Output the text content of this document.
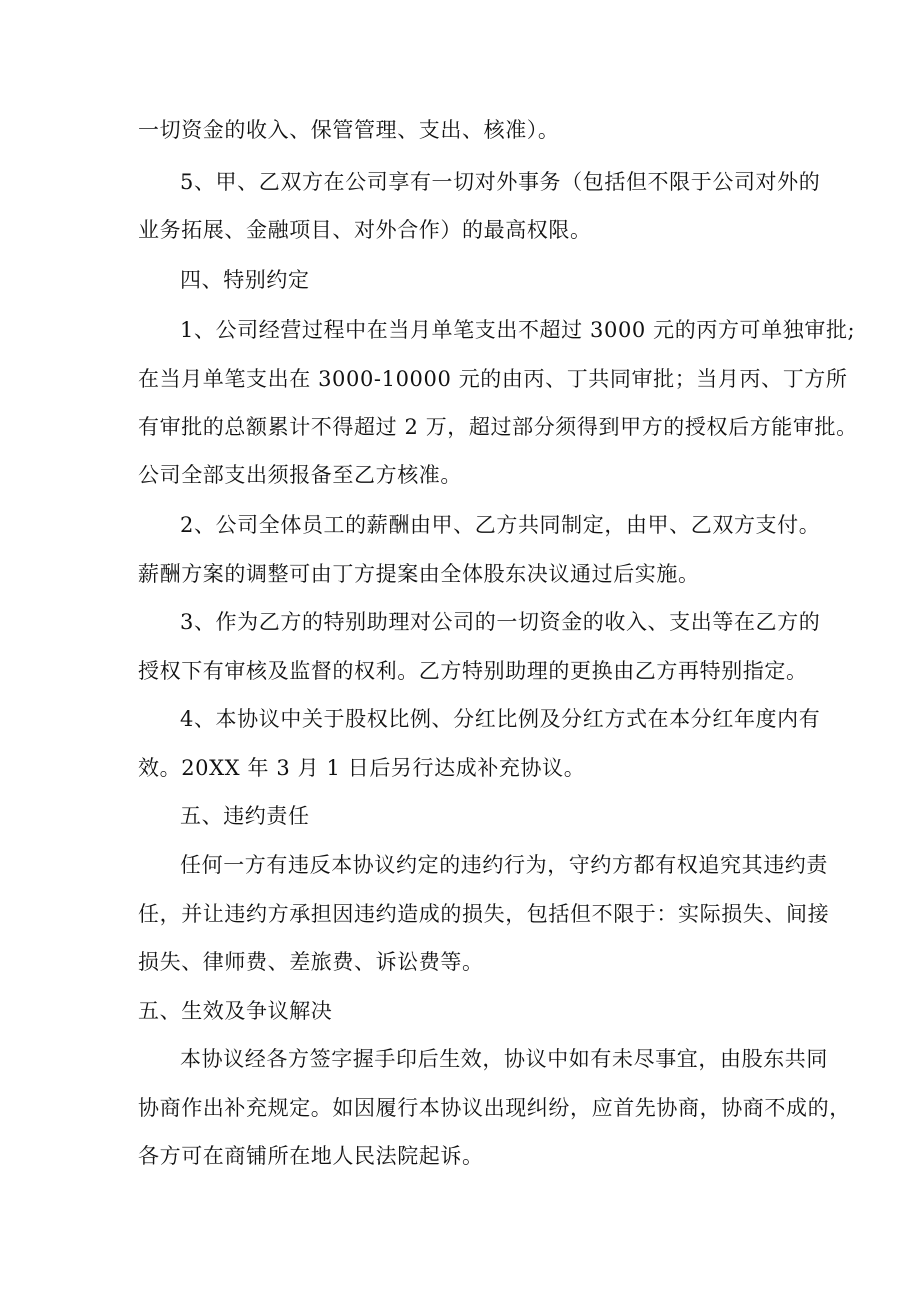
一切资金的收入、保管管理、支出、核准）。
5、甲、乙双方在公司享有一切对外事务（包括但不限于公司对外的
业务拓展、金融项目、对外合作）的最高权限。
四、特别约定
1、公司经营过程中在当月单笔支出不超过 3000 元的丙方可单独审批;
在当月单笔支出在 3000-10000 元的由丙、丁共同审批；当月丙、丁方所
有审批的总额累计不得超过 2 万，超过部分须得到甲方的授权后方能审批。
公司全部支出须报备至乙方核准。
2、公司全体员工的薪酬由甲、乙方共同制定，由甲、乙双方支付。
薪酬方案的调整可由丁方提案由全体股东决议通过后实施。
3、作为乙方的特别助理对公司的一切资金的收入、支出等在乙方的
授权下有审核及监督的权利。乙方特别助理的更换由乙方再特别指定。
4、本协议中关于股权比例、分红比例及分红方式在本分红年度内有
效。20XX 年 3 月 1 日后另行达成补充协议。
五、违约责任
任何一方有违反本协议约定的违约行为，守约方都有权追究其违约责
任，并让违约方承担因违约造成的损失，包括但不限于：实际损失、间接
损失、律师费、差旅费、诉讼费等。
五、生效及争议解决
本协议经各方签字握手印后生效，协议中如有未尽事宜，由股东共同
协商作出补充规定。如因履行本协议出现纠纷，应首先协商，协商不成的，
各方可在商铺所在地人民法院起诉。
